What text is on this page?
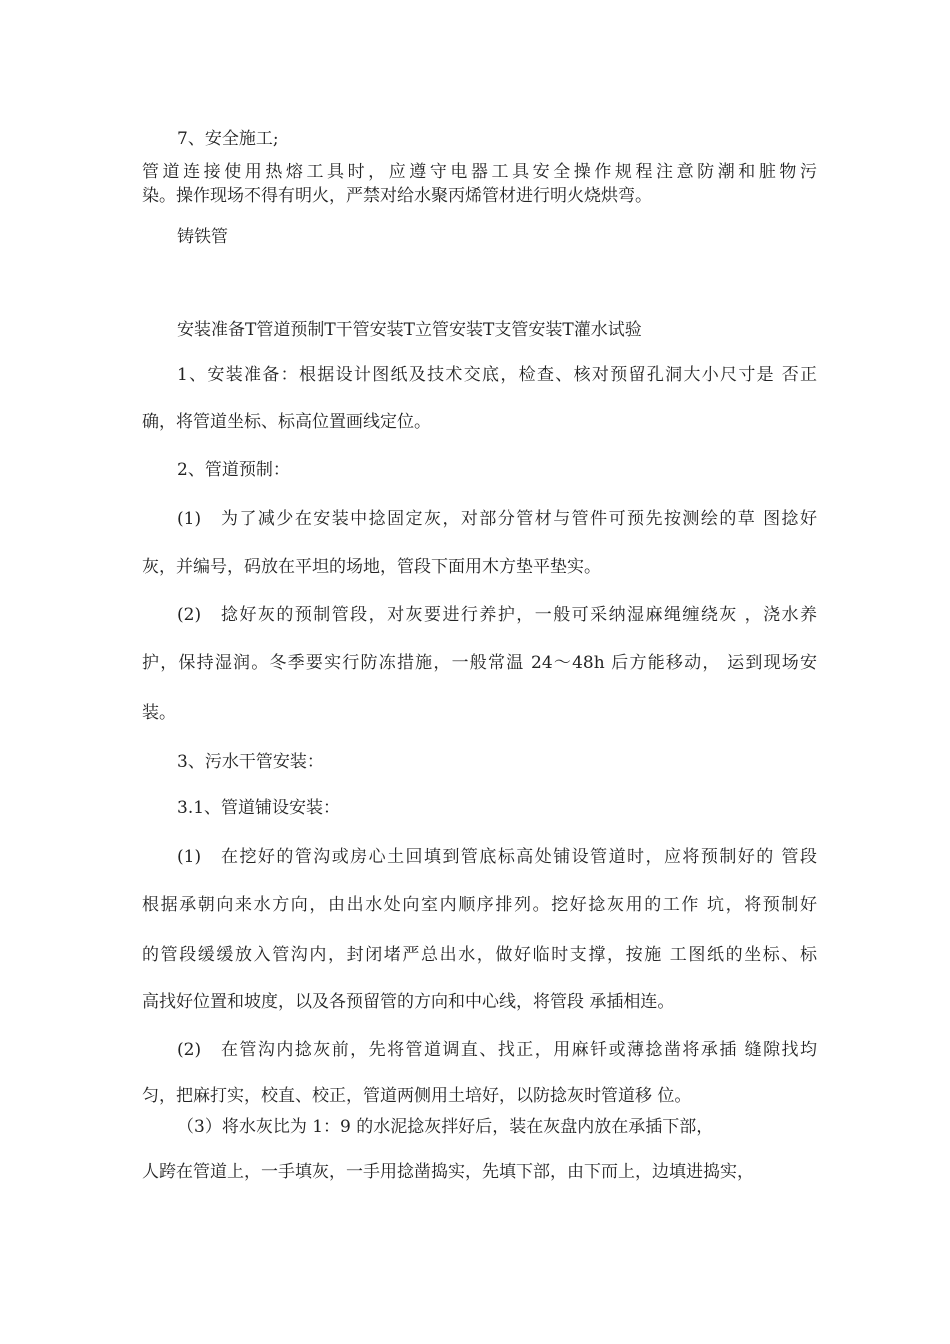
7、安全施工;
管道连接使用热熔工具时，应遵守电器工具安全操作规程注意防潮和脏物污
染。操作现场不得有明火，严禁对给水聚丙烯管材进行明火烧烘弯。
铸铁管
安装准备T管道预制T干管安装T立管安装T支管安装T灌水试验
1、安装准备：根据设计图纸及技术交底，检查、核对预留孔洞大小尺寸是 否正
确，将管道坐标、标高位置画线定位。
2、管道预制：
(1)　为了减少在安装中捻固定灰，对部分管材与管件可预先按测绘的草 图捻好
灰，并编号，码放在平坦的场地，管段下面用木方垫平垫实。
(2)　捻好灰的预制管段，对灰要进行养护，一般可采纳湿麻绳缠绕灰 ，浇水养
护，保持湿润。冬季要实行防冻措施，一般常温 24〜48h 后方能移动， 运到现场安
装。
3、污水干管安装：
3.1、管道铺设安装：
(1)　在挖好的管沟或房心土回填到管底标高处铺设管道时，应将预制好的 管段
根据承朝向来水方向，由出水处向室内顺序排列。挖好捻灰用的工作 坑，将预制好
的管段缓缓放入管沟内，封闭堵严总出水，做好临时支撑，按施 工图纸的坐标、标
高找好位置和坡度，以及各预留管的方向和中心线，将管段 承插相连。
(2)　在管沟内捻灰前，先将管道调直、找正，用麻钎或薄捻凿将承插 缝隙找均
匀，把麻打实，校直、校正，管道两侧用土培好，以防捻灰时管道移 位。
（3）将水灰比为 1：9 的水泥捻灰拌好后，装在灰盘内放在承插下部，
人跨在管道上，一手填灰，一手用捻凿捣实，先填下部，由下而上，边填进捣实，
